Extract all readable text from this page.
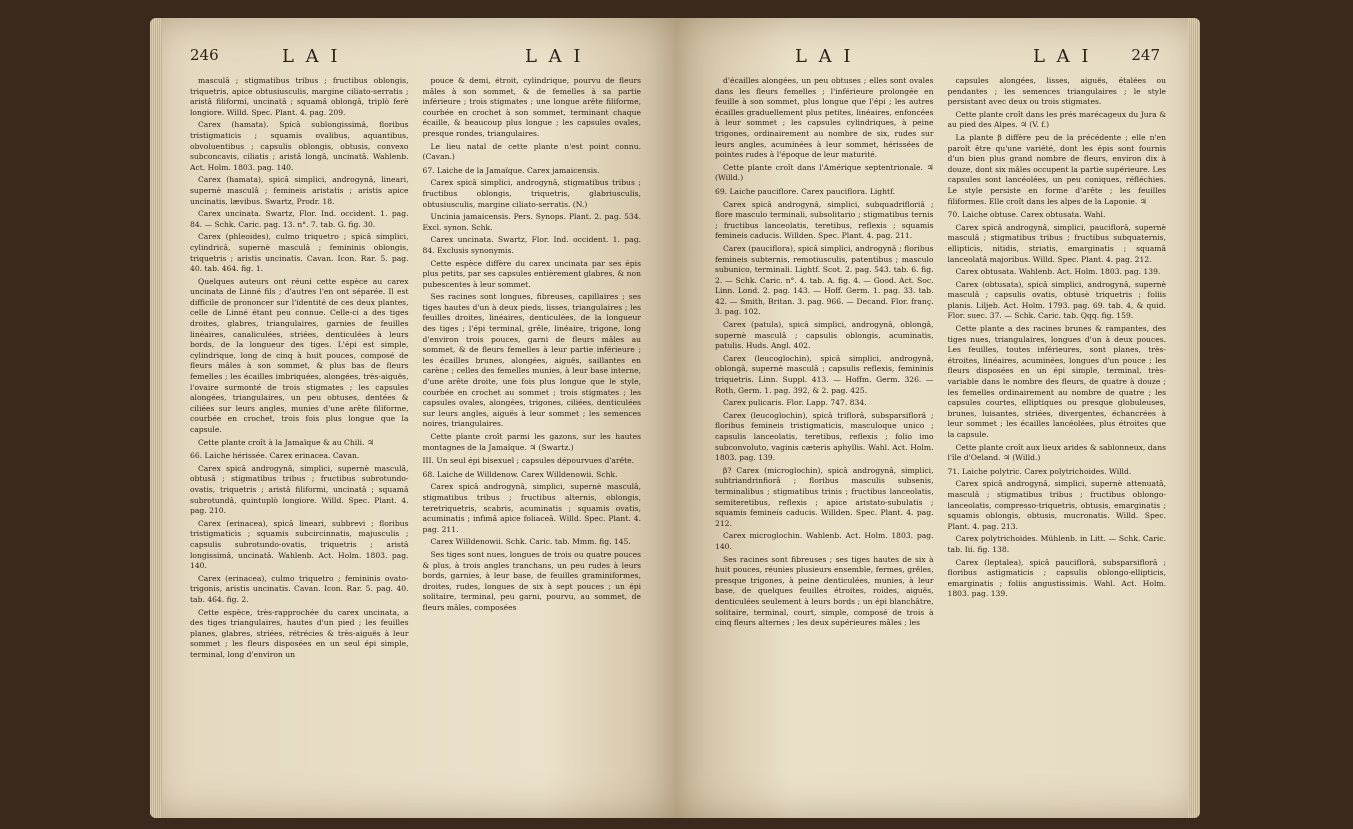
246	L A I	L A I

masculâ ; stigmatibus tribus ; fructibus oblongis, triquetris, apice obtusiusculis, margine ciliato-serratis ; aristâ filiformi, uncinatâ ; squamâ oblongâ, triplò ferè longiore. Willd. Spec. Plant. 4. pag. 209.

Carex (hamata). Spicâ sublongissimâ, floribus tristigmaticis ; squamis ovalibus, aquantibus, obvoluentibus ; capsulis oblongis, obtusis, convexo subconcavis, ciliatis ; aristâ longâ, uncinatâ. Wahlenb. Act. Holm. 1803. pag. 140.

Carex (hamata), spicâ simplici, androgynâ, lineari, supernè masculâ ; femineis aristatis ; aristis apice uncinatis, lævibus. Swartz, Prodr. 18.

Carex uncinata. Swartz, Flor. Ind. occident. 1. pag. 84. — Schk. Caric. pag. 13. n°. 7. tab. G. fig. 30.

Carex (phleoides), culmo triquetro ; spicâ simplici, cylindricâ, supernè masculâ ; femininis oblongis, triquetris ; aristis uncinatis. Cavan. Icon. Rar. 5. pag. 40. tab. 464. fig. 1.

Quelques auteurs ont réuni cette espèce au carex uncinata de Linné fils ; d'autres l'en ont séparée. Il est difficile de prononcer sur l'identité de ces deux plantes, celle de Linné étant peu connue. Celle-ci a des tiges droites, glabres, triangulaires, garnies de feuilles linéaires, canaliculées, striées, denticulées à leurs bords, de la longueur des tiges. L'épi est simple, cylindrique, long de cinq à huit pouces, composé de fleurs mâles à son sommet, & plus bas de fleurs femelles ; les écailles imbriquées, alongées, très-aiguës, l'ovaire surmonté de trois stigmates ; les capsules alongées, triangulaires, un peu obtuses, dentées & ciliées sur leurs angles, munies d'une arête filiforme, courbée en crochet, trois fois plus longue que la capsule.

Cette plante croît à la Jamaïque & au Chili. ♃

66. Laiche hérissée. Carex erinacea. Cavan.

Carex spicâ androgynâ, simplici, supernè masculâ, obtusâ ; stigmatibus tribus ; fructibus subrotundo-ovatis, triquetris ; aristâ filiformi, uncinatâ ; squamâ subrotundâ, quintuplò longiore. Willd. Spec. Plant. 4. pag. 210.

Carex (erinacea), spicâ lineari, subbrevi ; floribus tristigmaticis ; squamis subcircinnatis, majusculis ; capsulis subrotundo-ovatis, triquetris ; aristâ longissimâ, uncinatâ. Wahlenb. Act. Holm. 1803. pag. 140.

Carex (erinacea), culmo triquetro ; femininis ovato-trigonis, aristis uncinatis. Cavan. Icon. Rar. 5. pag. 40. tab. 464. fig. 2.

Cette espèce, très-rapprochée du carex uncinata, a des tiges triangulaires, hautes d'un pied ; les feuilles planes, glabres, striées, rétrécies & très-aiguës à leur sommet ; les fleurs disposées en un seul épi simple, terminal, long d'environ un

pouce & demi, étroit, cylindrique, pourvu de fleurs mâles à son sommet, & de femelles à sa partie inférieure ; trois stigmates ; une longue arête filiforme, courbée en crochet à son sommet, terminant chaque écaille, & beaucoup plus longue ; les capsules ovales, presque rondes, triangulaires.

Le lieu natal de cette plante n'est point connu. (Cavan.)

67. Laiche de la Jamaïque. Carex jamaicensis.

Carex spicâ simplici, androgynâ, stigmatibus tribus ; fructibus oblongis, triquetris, glabriusculis, obtusiusculis, margine ciliato-serratis. (N.)

Uncinia jamaicensis. Pers. Synops. Plant. 2. pag. 534. Excl. synon. Schk.

Carex uncinata. Swartz, Flor. Ind. occident. 1. pag. 84. Exclusis synonymis.

Cette espèce diffère du carex uncinata par ses épis plus petits, par ses capsules entièrement glabres, & non pubescentes à leur sommet.

Ses racines sont longues, fibreuses, capillaires ; ses tiges hautes d'un à deux pieds, lisses, triangulaires ; les feuilles droites, linéaires, denticulées, de la longueur des tiges ; l'épi terminal, grêle, linéaire, trigone, long d'environ trois pouces, garni de fleurs mâles au sommet, & de fleurs femelles à leur partie inférieure ; les écailles brunes, alongées, aiguës, saillantes en carène ; celles des femelles munies, à leur base interne, d'une arête droite, une fois plus longue que le style, courbée en crochet au sommet ; trois stigmates ; les capsules ovales, alongées, trigones, ciliées, denticulées sur leurs angles, aiguës à leur sommet ; les semences noires, triangulaires.

Cette plante croît parmi les gazons, sur les hautes montagnes de la Jamaïque. ♃ (Swartz.)

III. Un seul épi bisexuel ; capsules dépourvues d'arête.

68. Laiche de Willdenow. Carex Willdenowii. Schk.

Carex spicâ androgynâ, simplici, supernè masculâ, stigmatibus tribus ; fructibus alternis, oblongis, teretriquetris, scabris, acuminatis ; squamis ovatis, acuminatis ; infimâ apice foliaceâ. Willd. Spec. Plant. 4. pag. 211.

Carex Willdenowii. Schk. Caric. tab. Mmm. fig. 145.

Ses tiges sont nues, longues de trois ou quatre pouces & plus, à trois angles tranchans, un peu rudes à leurs bords, garnies, à leur base, de feuilles graminiformes, droites, rudes, longues de six à sept pouces ; un épi solitaire, terminal, peu garni, pourvu, au sommet, de fleurs mâles, composées

L A I	L A I	247

d'écailles alongées, un peu obtuses ; elles sont ovales dans les fleurs femelles ; l'inférieure prolongée en feuille à son sommet, plus longue que l'épi ; les autres écailles graduellement plus petites, linéaires, enfoncées à leur sommet ; les capsules cylindriques, à peine trigones, ordinairement au nombre de six, rudes sur leurs angles, acuminées à leur sommet, hérissées de pointes rudes à l'époque de leur maturité.

Cette plante croît dans l'Amérique septentrionale. ♃ (Willd.)

69. Laiche pauciflore. Carex pauciflora. Lightf.

Carex spicâ androgynâ, simplici, subquadrifloriâ ; flore masculo terminali, subsolitario ; stigmatibus ternis ; fructibus lanceolatis, teretibus, reflexis ; squamis femineis caducis. Willden. Spec. Plant. 4. pag. 211.

Carex (pauciflora), spicâ simplici, androgynâ ; floribus femineis subternis, remotiusculis, patentibus ; masculo subunico, terminali. Lightf. Scot. 2. pag. 543. tab. 6. fig. 2. — Schk. Caric. n°. 4. tab. A. fig. 4. — Good. Act. Soc. Linn. Lond. 2. pag. 143. — Hoff. Germ. 1. pag. 33. tab. 42. — Smith, Britan. 3. pag. 966. — Decand. Flor. franç. 3. pag. 102.

Carex (patula), spicâ simplici, androgynâ, oblongâ, supernè masculâ ; capsulis oblongis, acuminatis, patulis. Huds. Angl. 402.

Carex (leucoglochin), spicâ simplici, androgynâ, oblongâ, supernè masculâ ; capsulis reflexis, femininis triquetris. Linn. Suppl. 413. — Hoffm. Germ. 326. — Roth, Germ. 1. pag. 392, & 2. pag. 425.

Carex pulicaris. Flor. Lapp. 747. 834.

Carex (leucoglochin), spicâ triflorâ, subsparsiflorâ ; floribus femineis tristigmaticis, masculoque unico ; capsulis lanceolatis, teretibus, reflexis ; folio imo subconvoluto, vaginis cæteris aphyllis. Wahl. Act. Holm. 1803. pag. 139.

β? Carex (microglochin), spicâ androgynâ, simplici, subtriandrinfiorâ ; floribus masculis subsenis, terminalibus ; stigmatibus trinis ; fructibus lanceolatis, semiteretibus, reflexis ; apice aristato-subulatis ; squamis femineis caducis. Willden. Spec. Plant. 4. pag. 212.

Carex microglochin. Wahlenb. Act. Holm. 1803. pag. 140.

Ses racines sont fibreuses ; ses tiges hautes de six à huit pouces, réunies plusieurs ensemble, fermes, grêles, presque trigones, à peine denticulées, munies, à leur base, de quelques feuilles étroites, roides, aiguës, denticulées seulement à leurs bords ; un épi blanchâtre, solitaire, terminal, court, simple, composé de trois à cinq fleurs alternes ; les deux supérieures mâles ; les

capsules alongées, lisses, aiguës, étalées ou pendantes ; les semences triangulaires ; le style persistant avec deux ou trois stigmates.

Cette plante croît dans les prés marécageux du Jura & au pied des Alpes. ♃ (V. f.)

La plante β diffère peu de la précédente ; elle n'en paroît être qu'une variété, dont les épis sont fournis d'un bien plus grand nombre de fleurs, environ dix à douze, dont six mâles occupent la partie supérieure. Les capsules sont lancéolées, un peu coniques, réfléchies. Le style persiste en forme d'arête ; les feuilles filiformes. Elle croît dans les alpes de la Laponie. ♃

70. Laiche obtuse. Carex obtusata. Wahl.

Carex spicâ androgynâ, simplici, pauciflorâ, supernè masculâ ; stigmatibus tribus ; fructibus subquaternis, ellipticis, nitidis, striatis, emarginatis ; squamâ lanceolatâ majoribus. Willd. Spec. Plant. 4. pag. 212.

Carex obtusata. Wahlenb. Act. Holm. 1803. pag. 139.

Carex (obtusata), spicâ simplici, androgynâ, supernè masculâ ; capsulis ovatis, obtusè triquetris ; foliis planis. Liljeb. Act. Holm. 1793. pag. 69. tab. 4, & quid. Flor. suec. 37. — Schk. Caric. tab. Qqq. fig. 159.

Cette plante a des racines brunes & rampantes, des tiges nues, triangulaires, longues d'un à deux pouces. Les feuilles, toutes inférieures, sont planes, très-étroites, linéaires, acuminées, longues d'un pouce ; les fleurs disposées en un épi simple, terminal, très-variable dans le nombre des fleurs, de quatre à douze ; les femelles ordinairement au nombre de quatre ; les capsules courtes, elliptiques ou presque globuleuses, brunes, luisantes, striées, divergentes, échancrées à leur sommet ; les écailles lancéolées, plus étroites que la capsule.

Cette plante croît aux lieux arides & sablonneux, dans l'île d'Oeland. ♃ (Willd.)

71. Laiche polytric. Carex polytrichoides. Willd.

Carex spicâ androgynâ, simplici, supernè attenuatâ, masculâ ; stigmatibus tribus ; fructibus oblongo-lanceolatis, compresso-triquetris, obtusis, emarginatis ; squamis oblongis, obtusis, mucronatis. Willd. Spec. Plant. 4. pag. 213.

Carex polytrichoides. Mühlenb. in Litt. — Schk. Caric. tab. Iii. fig. 138.

Carex (leptalea), spicâ pauciflorâ, subsparsiflorâ ; floribus astigmaticis ; capsulis oblongo-ellipticis, emarginatis ; foliis angustissimis. Wahl. Act. Holm. 1803. pag. 139.
